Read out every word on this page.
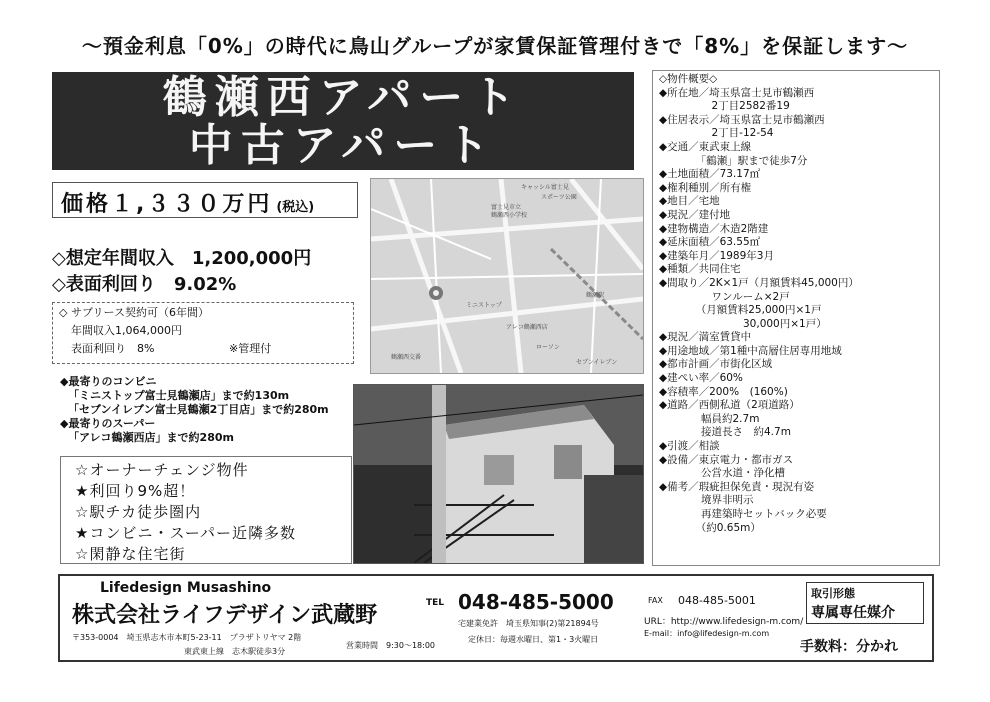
～預金利息「0%」の時代に鳥山グループが家賃保証管理付きで「8%」を保証します～
鶴瀬西アパート
中古アパート
価格１,３３０万円 (税込)
◇想定年間収入　1,200,000円
◇表面利回り　9.02%
◇ サブリース契約可（6年間）
年間収入1,064,000円
表面利回り　8%	※管理付
◆最寄りのコンビニ
「ミニストップ富士見鶴瀬店」まで約130m
「セブンイレブン富士見鶴瀬2丁目店」まで約280m
◆最寄りのスーパー
「アレコ鶴瀬西店」まで約280m
☆オーナーチェンジ物件
★利回り9%超！
☆駅チカ徒歩圏内
★コンビニ・スーパー近隣多数
☆閑静な住宅街
キャッシル富士見
スポーツ公園
富士見市立
鶴瀬西小学校
ローソン
セブンイレブン
ミニストップ
アレコ鶴瀬西店
鶴瀬駅
鶴瀬西交番
◇物件概要◇
◆所在地／埼玉県富士見市鶴瀬西
　　　　　2丁目2582番19
◆住居表示／埼玉県富士見市鶴瀬西
　　　　　2丁目-12-54
◆交通／東武東上線
　　　　「鶴瀬」駅まで徒歩7分
◆土地面積／73.17㎡
◆権利種別／所有権
◆地目／宅地
◆現況／建付地
◆建物構造／木造2階建
◆延床面積／63.55㎡
◆建築年月／1989年3月
◆種類／共同住宅
◆間取り／2K×1戸（月額賃料45,000円）
　　　　　ワンルーム×2戸
　　　　（月額賃料25,000円×1戸
　　　　　　　　30,000円×1戸）
◆現況／満室賃貸中
◆用途地域／第1種中高層住居専用地域
◆都市計画／市街化区域
◆建ぺい率／60%
◆容積率／200%　(160%)
◆道路／西側私道（2項道路）
　　　　幅員約2.7m
　　　　接道長さ　約4.7m
◆引渡／相談
◆設備／東京電力・都市ガス
　　　　公営水道・浄化槽
◆備考／瑕疵担保免責・現況有姿
　　　　境界非明示
　　　　再建築時セットバック必要
　　　　（約0.65m）
Lifedesign Musashino
株式会社ライフデザイン武蔵野
〒353-0004　埼玉県志木市本町5-23-11　プラザトリヤマ 2階
東武東上線　志木駅徒歩3分
営業時間　9:30～18:00
TEL 048-485-5000
宅建業免許　埼玉県知事(2)第21894号
定休日：毎週水曜日、第1・3火曜日
FAX 048-485-5001
URL：http://www.lifedesign-m.com/
E-mail：info@lifedesign-m.com
取引形態
専属専任媒介
手数料：分かれ
